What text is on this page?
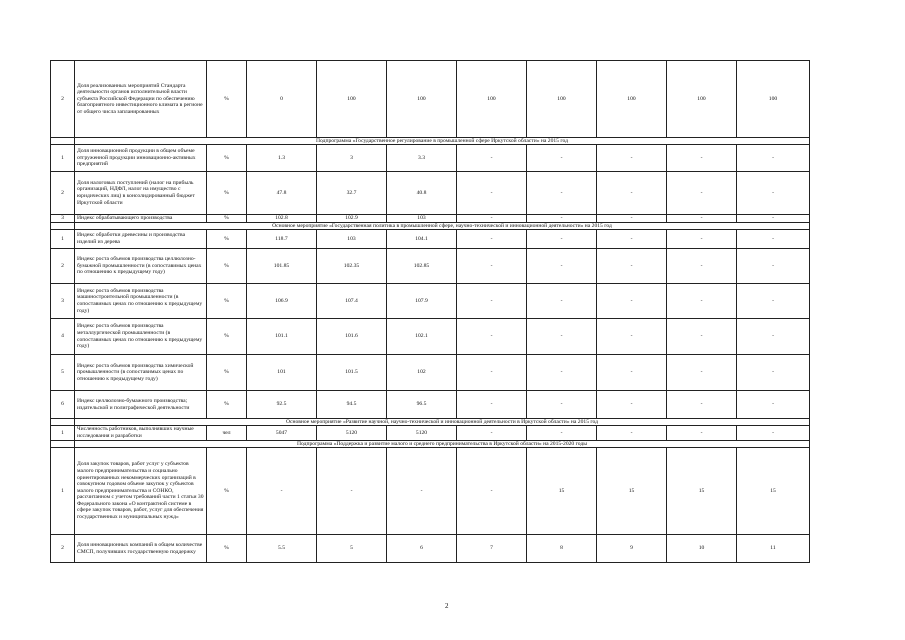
2	Доля реализованных мероприятий Стандарта деятельности органов исполнительной власти субъекта Российской Федерации по обеспечению благоприятного инвестиционного климата в регионе от общего числа запланированных	%	0	100	100	100	100	100	100	100
	Подпрограмма «Государственное регулирование в промышленной сфере Иркутской области» на 2015 год									
1	Доля инновационной продукции в общем объеме отгруженной продукции инновационно-активных предприятий	%	1.3	3	3.3	-	-	-	-	-
2	Доля налоговых поступлений (налог на прибыль организаций, НДФЛ, налог на имущество с юридических лиц) в консолидированный бюджет Иркутской области	%	47.8	32.7	40.8	-	-	-	-	-
3	Индекс обрабатывающего производства	%	102.8	102.9	103	-	-	-	-	-
	Основное мероприятие «Государственная политика в промышленной сфере, научно-технической и инновационной деятельности» на 2015 год									
1	Индекс обработки древесины и производства изделий из дерева	%	118.7	103	104.1	-	-	-	-	-
2	Индекс роста объемов производства целлюлозно-бумажной промышленности (в сопоставимых ценах по отношению к предыдущему году)	%	101.85	102.35	102.85	-	-	-	-	-
3	Индекс роста объемов производства машиностроительной промышленности (в сопоставимых ценах по отношению к предыдущему году)	%	106.9	107.4	107.9	-	-	-	-	-
4	Индекс роста объемов производства металлургической промышленности (в сопоставимых ценах по отношению к предыдущему году)	%	101.1	101.6	102.1	-	-	-	-	-
5	Индекс роста объемов производства химической промышленности (в сопоставимых ценах по отношению к предыдущему году)	%	101	101.5	102	-	-	-	-	-
6	Индекс целлюлозно-бумажного производства; издательской и полиграфической деятельности	%	92.5	94.5	96.5	-	-	-	-	-
	Основное мероприятие «Развитие научной, научно-технической и инновационной деятельности в Иркутской области» на 2015 год									
1	Численность работников, выполнявших научные исследования и разработки	чел	5047	5120	5120	-	-	-	-	-
	Подпрограмма «Поддержка и развитие малого и среднего предпринимательства в Иркутской области» на 2015-2020 годы									
1	Доля закупок товаров, работ услуг у субъектов малого предпринимательства и социально ориентированных некоммерческих организаций в совокупном годовом объеме закупок у субъектов малого предпринимательства и СОНКО, рассчитанном с учетом требований части 1 статьи 30 Федерального закона «О контрактной системе в сфере закупок товаров, работ, услуг для обеспечения государственных и муниципальных нужд»	%	-	-	-	-	15	15	15	15
2	Доля инновационных компаний в общем количестве СМСП, получивших государственную поддержку	%	5.5	5	6	7	8	9	10	11
2
